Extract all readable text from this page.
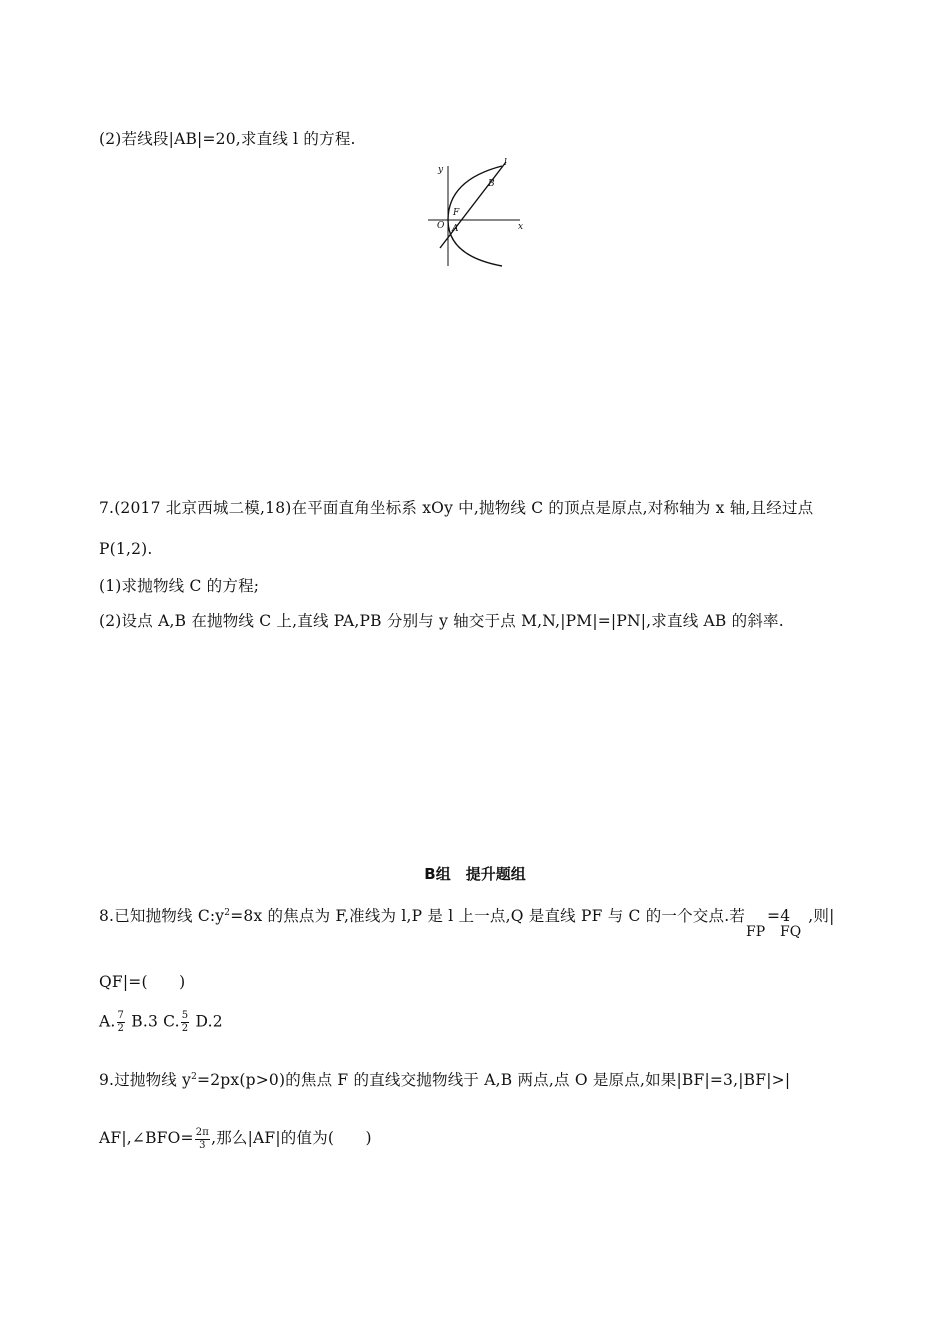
(2)若线段|AB|=20,求直线 l 的方程.
y
x
l
B
F
O A
7.(2017 北京西城二模,18)在平面直角坐标系 xOy 中,抛物线 C 的顶点是原点,对称轴为 x 轴,且经过点
P(1,2).
(1)求抛物线 C 的方程;
(2)设点 A,B 在抛物线 C 上,直线 PA,PB 分别与 y 轴交于点 M,N,|PM|=|PN|,求直线 AB 的斜率.
B组　提升题组
8.已知抛物线 $C:y^2=8x$ 的焦点为 F,准线为 l,P 是 l 上一点,Q 是直线 PF 与 C 的一个交点.若 =4 ,则|
FP FQ
QF|=(　　)
A. $\frac{7}{2} B.3$ C. $\frac{5}{2} D.2$
9.过抛物线 $y^2=2px(p>0)$的焦点 F 的直线交抛物线于 A,B 两点,点 O 是原点,如果|BF|=3,|BF|>|
AF|,∠BFO= $\frac{2\pi}{3}$ ,那么|AF|的值为(　　)
